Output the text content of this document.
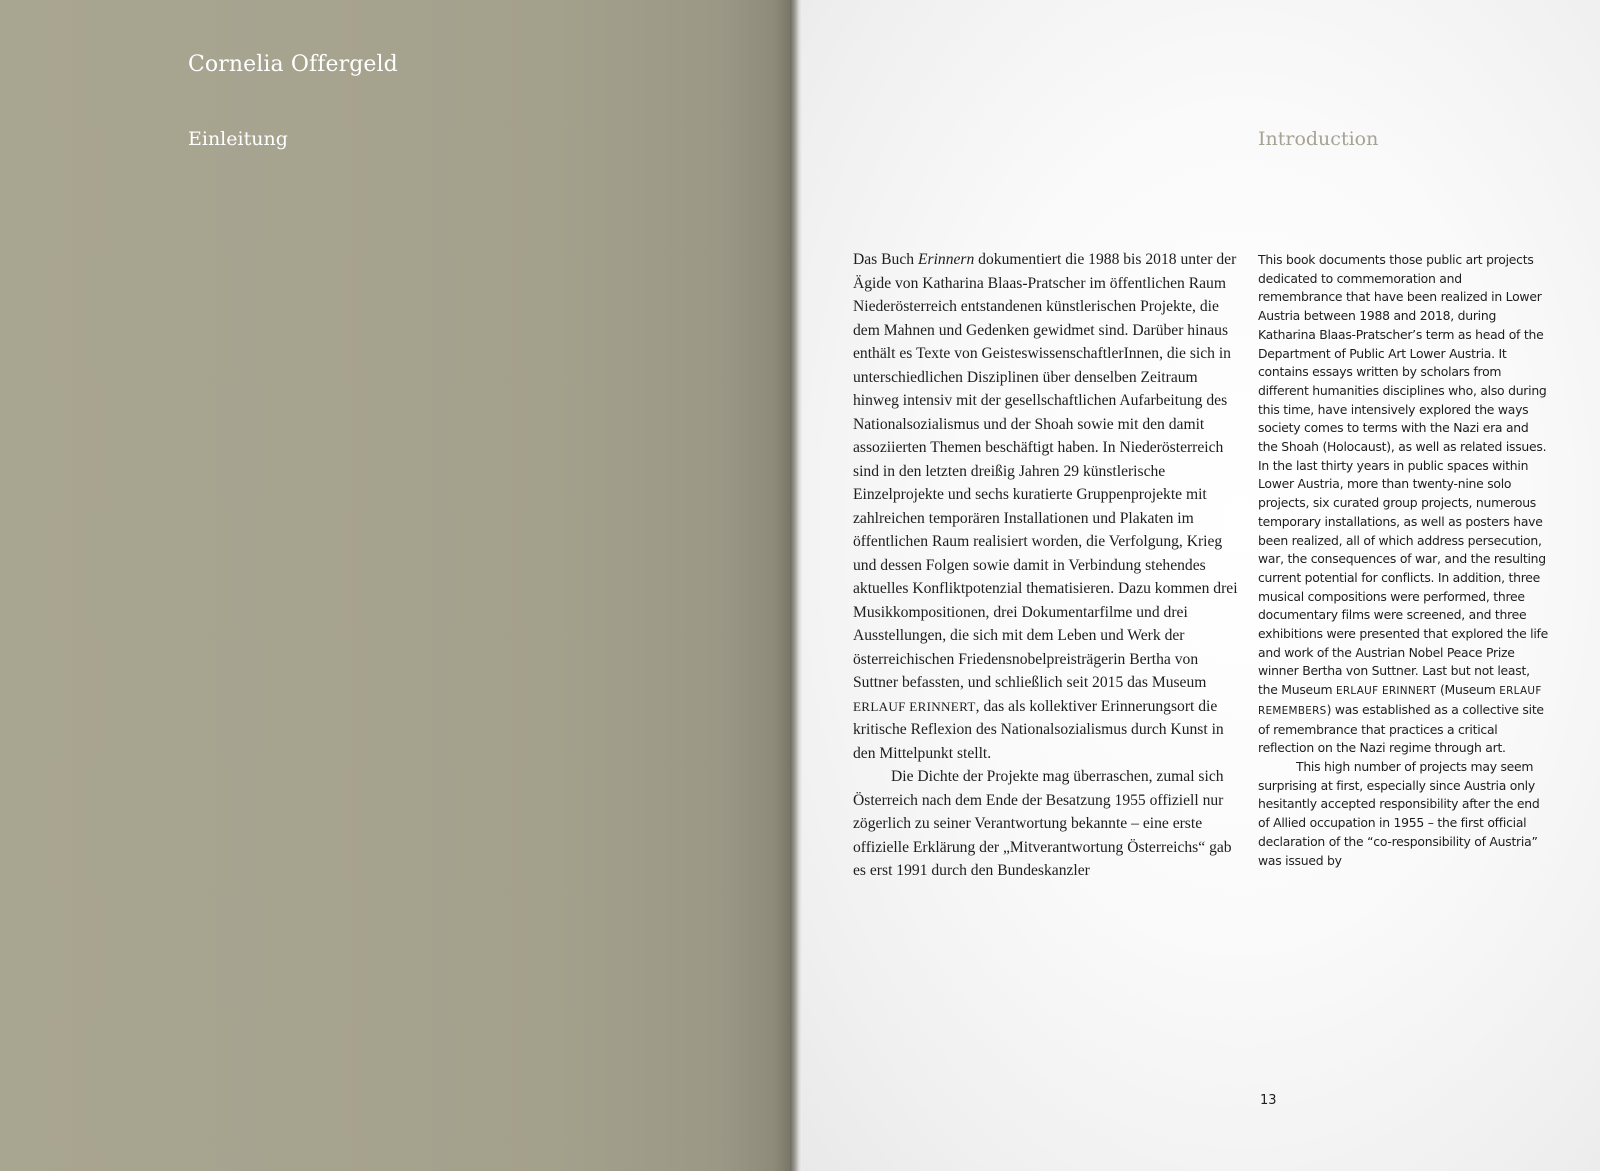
Cornelia Offergeld
Einleitung	Introduction

Das Buch Erinnern dokumentiert die 1988 bis 2018 unter der Ägide von Katharina Blaas-Pratscher im öffentlichen Raum Niederösterreich entstandenen künstlerischen Projekte, die dem Mahnen und Gedenken gewidmet sind. Darüber hinaus enthält es Texte von GeisteswissenschaftlerInnen, die sich in unterschiedlichen Disziplinen über denselben Zeitraum hinweg intensiv mit der gesellschaftlichen Aufarbeitung des Nationalsozialismus und der Shoah sowie mit den damit assoziierten Themen beschäftigt haben. In Niederösterreich sind in den letzten dreißig Jahren 29 künstlerische Einzelprojekte und sechs kuratierte Gruppenprojekte mit zahlreichen temporären Installationen und Plakaten im öffentlichen Raum realisiert worden, die Verfolgung, Krieg und dessen Folgen sowie damit in Verbindung stehendes aktuelles Konfliktpotenzial thematisieren. Dazu kommen drei Musikkompositionen, drei Dokumentarfilme und drei Ausstellungen, die sich mit dem Leben und Werk der österreichischen Friedensnobelpreisträgerin Bertha von Suttner befassten, und schließlich seit 2015 das Museum ERLAUF ERINNERT, das als kollektiver Erinnerungsort die kritische Reflexion des Nationalsozialismus durch Kunst in den Mittelpunkt stellt.

Die Dichte der Projekte mag überraschen, zumal sich Österreich nach dem Ende der Besatzung 1955 offiziell nur zögerlich zu seiner Verantwortung bekannte – eine erste offizielle Erklärung der „Mitverantwortung Österreichs“ gab es erst 1991 durch den Bundeskanzler

This book documents those public art projects dedicated to commemoration and remembrance that have been realized in Lower Austria between 1988 and 2018, during Katharina Blaas-Pratscher’s term as head of the Department of Public Art Lower Austria. It contains essays written by scholars from different humanities disciplines who, also during this time, have intensively explored the ways society comes to terms with the Nazi era and the Shoah (Holocaust), as well as related issues. In the last thirty years in public spaces within Lower Austria, more than twenty-nine solo projects, six curated group projects, numerous temporary installations, as well as posters have been realized, all of which address persecution, war, the consequences of war, and the resulting current potential for conflicts. In addition, three musical compositions were performed, three documentary films were screened, and three exhibitions were presented that explored the life and work of the Austrian Nobel Peace Prize winner Bertha von Suttner. Last but not least, the Museum ERLAUF ERINNERT (Museum ERLAUF REMEMBERS) was established as a collective site of remembrance that practices a critical reflection on the Nazi regime through art.

This high number of projects may seem surprising at first, especially since Austria only hesitantly accepted responsibility after the end of Allied occupation in 1955 – the first official declaration of the “co-responsibility of Austria” was issued by

13
